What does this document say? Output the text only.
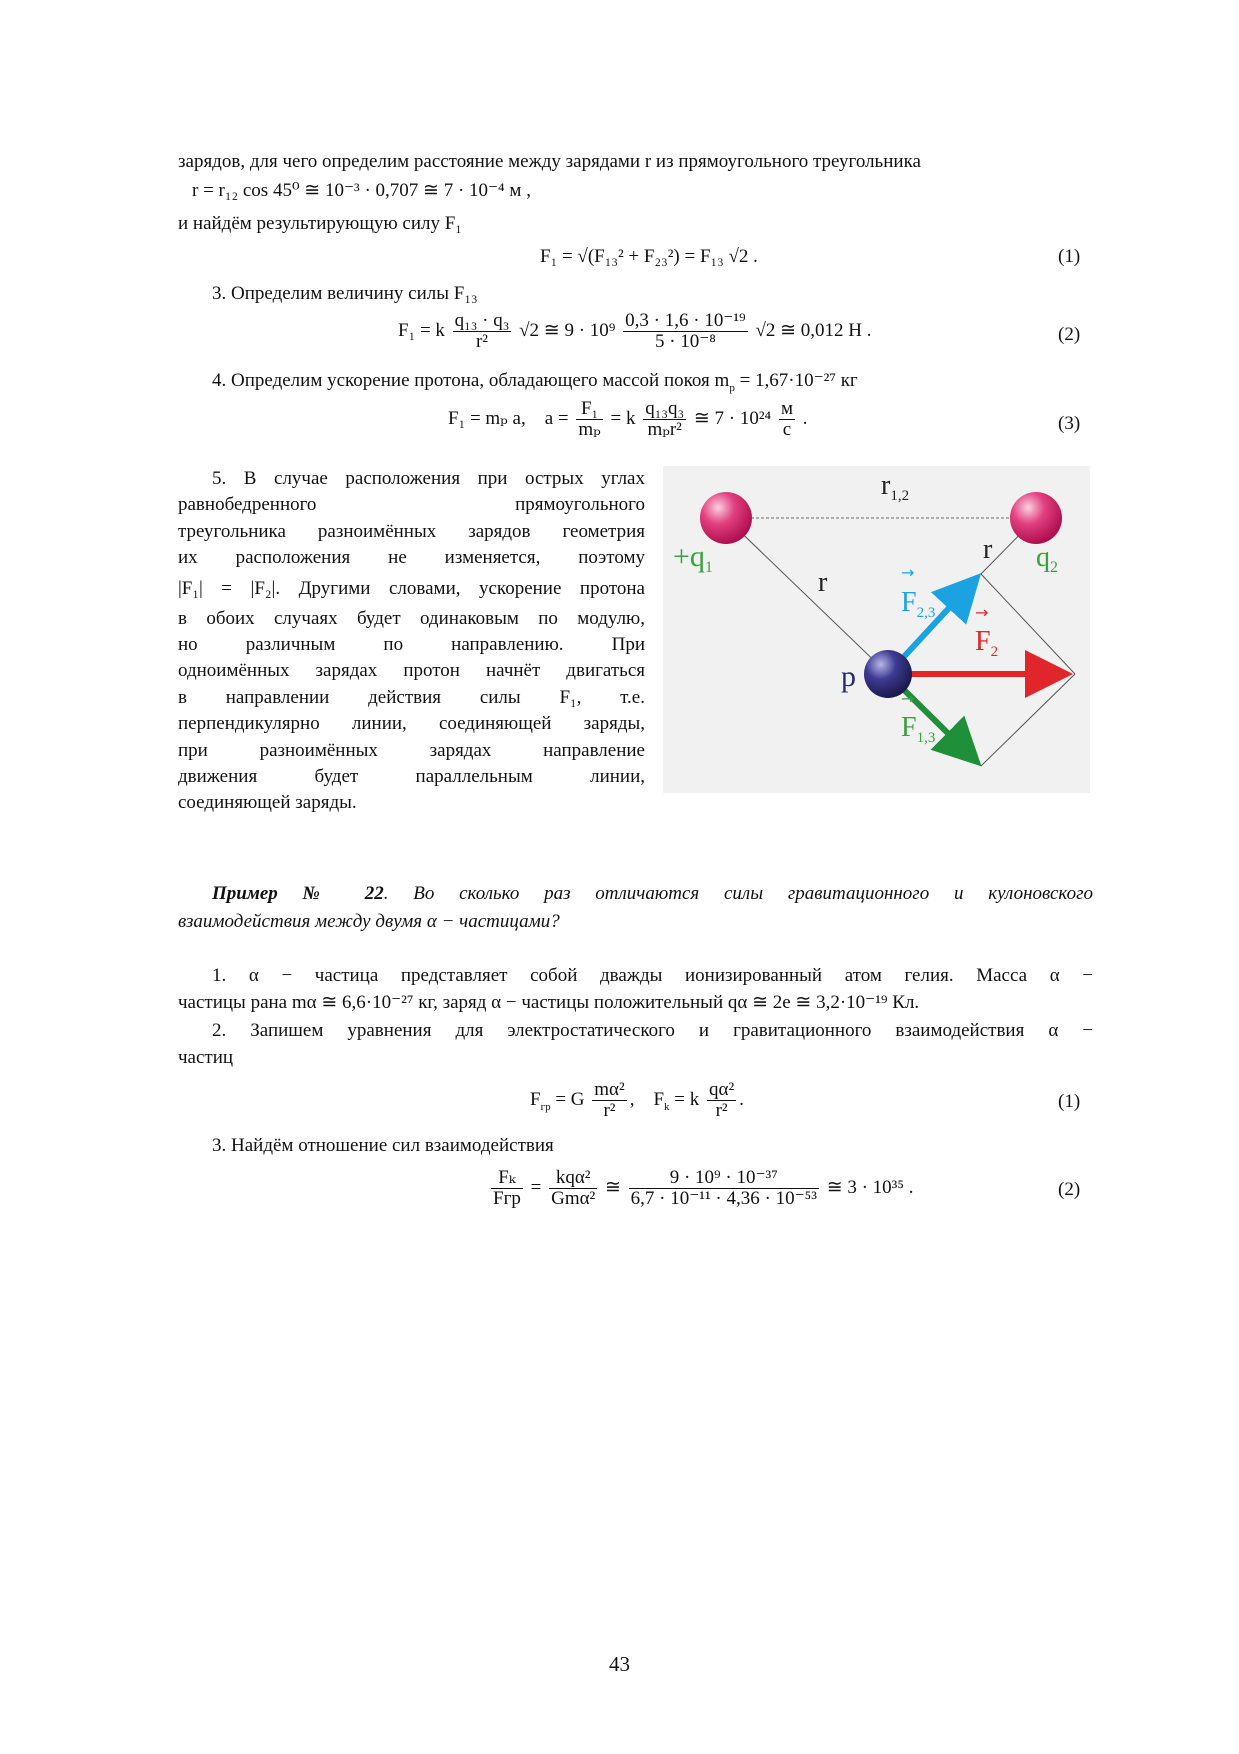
зарядов, для чего определим расстояние между зарядами r из прямоугольного треугольника
r = r₁₂ cos 45⁰ ≅ 10⁻³ · 0,707 ≅ 7 · 10⁻⁴ м ,
и найдём результирующую силу F₁
F₁ = √(F₁₃² + F₂₃²) = F₁₃ √2 .	(1)
3. Определим величину силы F₁₃
F₁ = k $\frac{\text{q₁₃ · q₃}}{\text{r²}} √2$ ≅ $9 \cdot 10^9 \frac{\text{0,3 · 1,6 · 10⁻¹⁹}}{\text{5 · 10⁻⁸}} √2$ ≅ 0,012 Н .	(2)
4. Определим ускорение протона, обладающего массой покоя $m_p = 1,67\cdot 10^{-27}$ кг
F₁ = mₚ a, $a = \frac{\text{F₁}}{\text{mₚ}} = k \frac{\text{q₁₃q₃}}{\text{mₚr²}}$ ≅ $7 \cdot 10^{24} \frac{м}{с}$ .	(3)
5. В случае расположения при острых углах
равнобедренного прямоугольного
треугольника разноимённых зарядов геометрия
их расположения не изменяется, поэтому
|F₁| = |F₂|. Другими словами, ускорение протона
в обоих случаях будет одинаковым по модулю,
но различным по направлению. При
одноимённых зарядах протон начнёт двигаться
в направлении действия силы F₁, т.е.
перпендикулярно линии, соединяющей заряды,
при разноимённых зарядах направление
движения будет параллельным линии,
соединяющей заряды.
$r_{1,2}$
$+q_1$	$q_2$
r
r
p
$F_{2,3}$
→
$F_2$
→
$F_{1,3}$
→
Пример № 22. Во сколько раз отличаются силы гравитационного и кулоновского
взаимодействия между двумя α − частицами?
1. α − частица представляет собой дважды ионизированный атом гелия. Масса α −
частицы рана mα ≅ 6,6·10⁻²⁷ кг, заряд α − частицы положительный qα ≅ 2e ≅ 3,2·10⁻¹⁹ Кл.
2. Запишем уравнения для электростатического и гравитационного взаимодействия α −
частиц
$F_{гр} = G \frac{\text{mα²}}{\text{r²}}$ ,    $F_k = k \frac{\text{qα²}}{\text{r²}}$ .	(1)
3. Найдём отношение сил взаимодействия
$\frac{\text{Fₖ}}{\text{Fгр}} = \frac{\text{kqα²}}{\text{Gmα²}}$ ≅ $\frac{\text{9 · 10⁹ · 10⁻³⁷}}{\text{6,7 · 10⁻¹¹ · 4,36 · 10⁻⁵³}}$ ≅ 3 · 10³⁵ .	(2)
43
